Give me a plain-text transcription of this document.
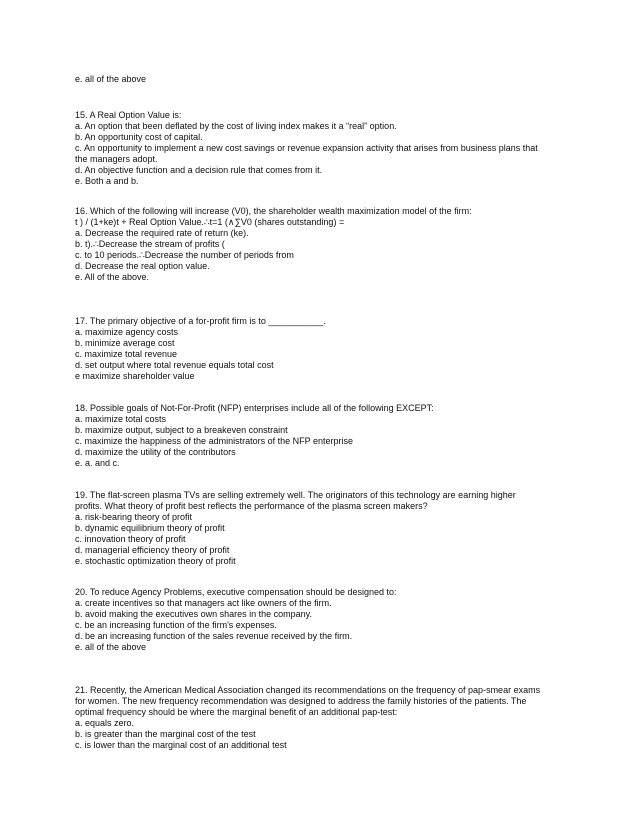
e. all of the above
15. A Real Option Value is:
a. An option that been deflated by the cost of living index makes it a “real” option.
b. An opportunity cost of capital.
c. An opportunity to implement a new cost savings or revenue expansion activity that arises from business plans that
the managers adopt.
d. An objective function and a decision rule that comes from it.
e. Both a and b.
16. Which of the following will increase (V0), the shareholder wealth maximization model of the firm:
t ) / (1+ke)t + Real Option Value.∴t=1 (∧∑V0 (shares outstanding) =
a. Decrease the required rate of return (ke).
b. t).∴Decrease the stream of profits (
c. to 10 periods.∴Decrease the number of periods from
d. Decrease the real option value.
e. All of the above.
17. The primary objective of a for-profit firm is to ___________.
a. maximize agency costs
b. minimize average cost
c. maximize total revenue
d. set output where total revenue equals total cost
e maximize shareholder value
18. Possible goals of Not-For-Profit (NFP) enterprises include all of the following EXCEPT:
a. maximize total costs
b. maximize output, subject to a breakeven constraint
c. maximize the happiness of the administrators of the NFP enterprise
d. maximize the utility of the contributors
e. a. and c.
19. The flat-screen plasma TVs are selling extremely well. The originators of this technology are earning higher
profits. What theory of profit best reflects the performance of the plasma screen makers?
a. risk-bearing theory of profit
b. dynamic equilibrium theory of profit
c. innovation theory of profit
d. managerial efficiency theory of profit
e. stochastic optimization theory of profit
20. To reduce Agency Problems, executive compensation should be designed to:
a. create incentives so that managers act like owners of the firm.
b. avoid making the executives own shares in the company.
c. be an increasing function of the firm's expenses.
d. be an increasing function of the sales revenue received by the firm.
e. all of the above
21. Recently, the American Medical Association changed its recommendations on the frequency of pap-smear exams
for women. The new frequency recommendation was designed to address the family histories of the patients. The
optimal frequency should be where the marginal benefit of an additional pap-test:
a. equals zero.
b. is greater than the marginal cost of the test
c. is lower than the marginal cost of an additional test
